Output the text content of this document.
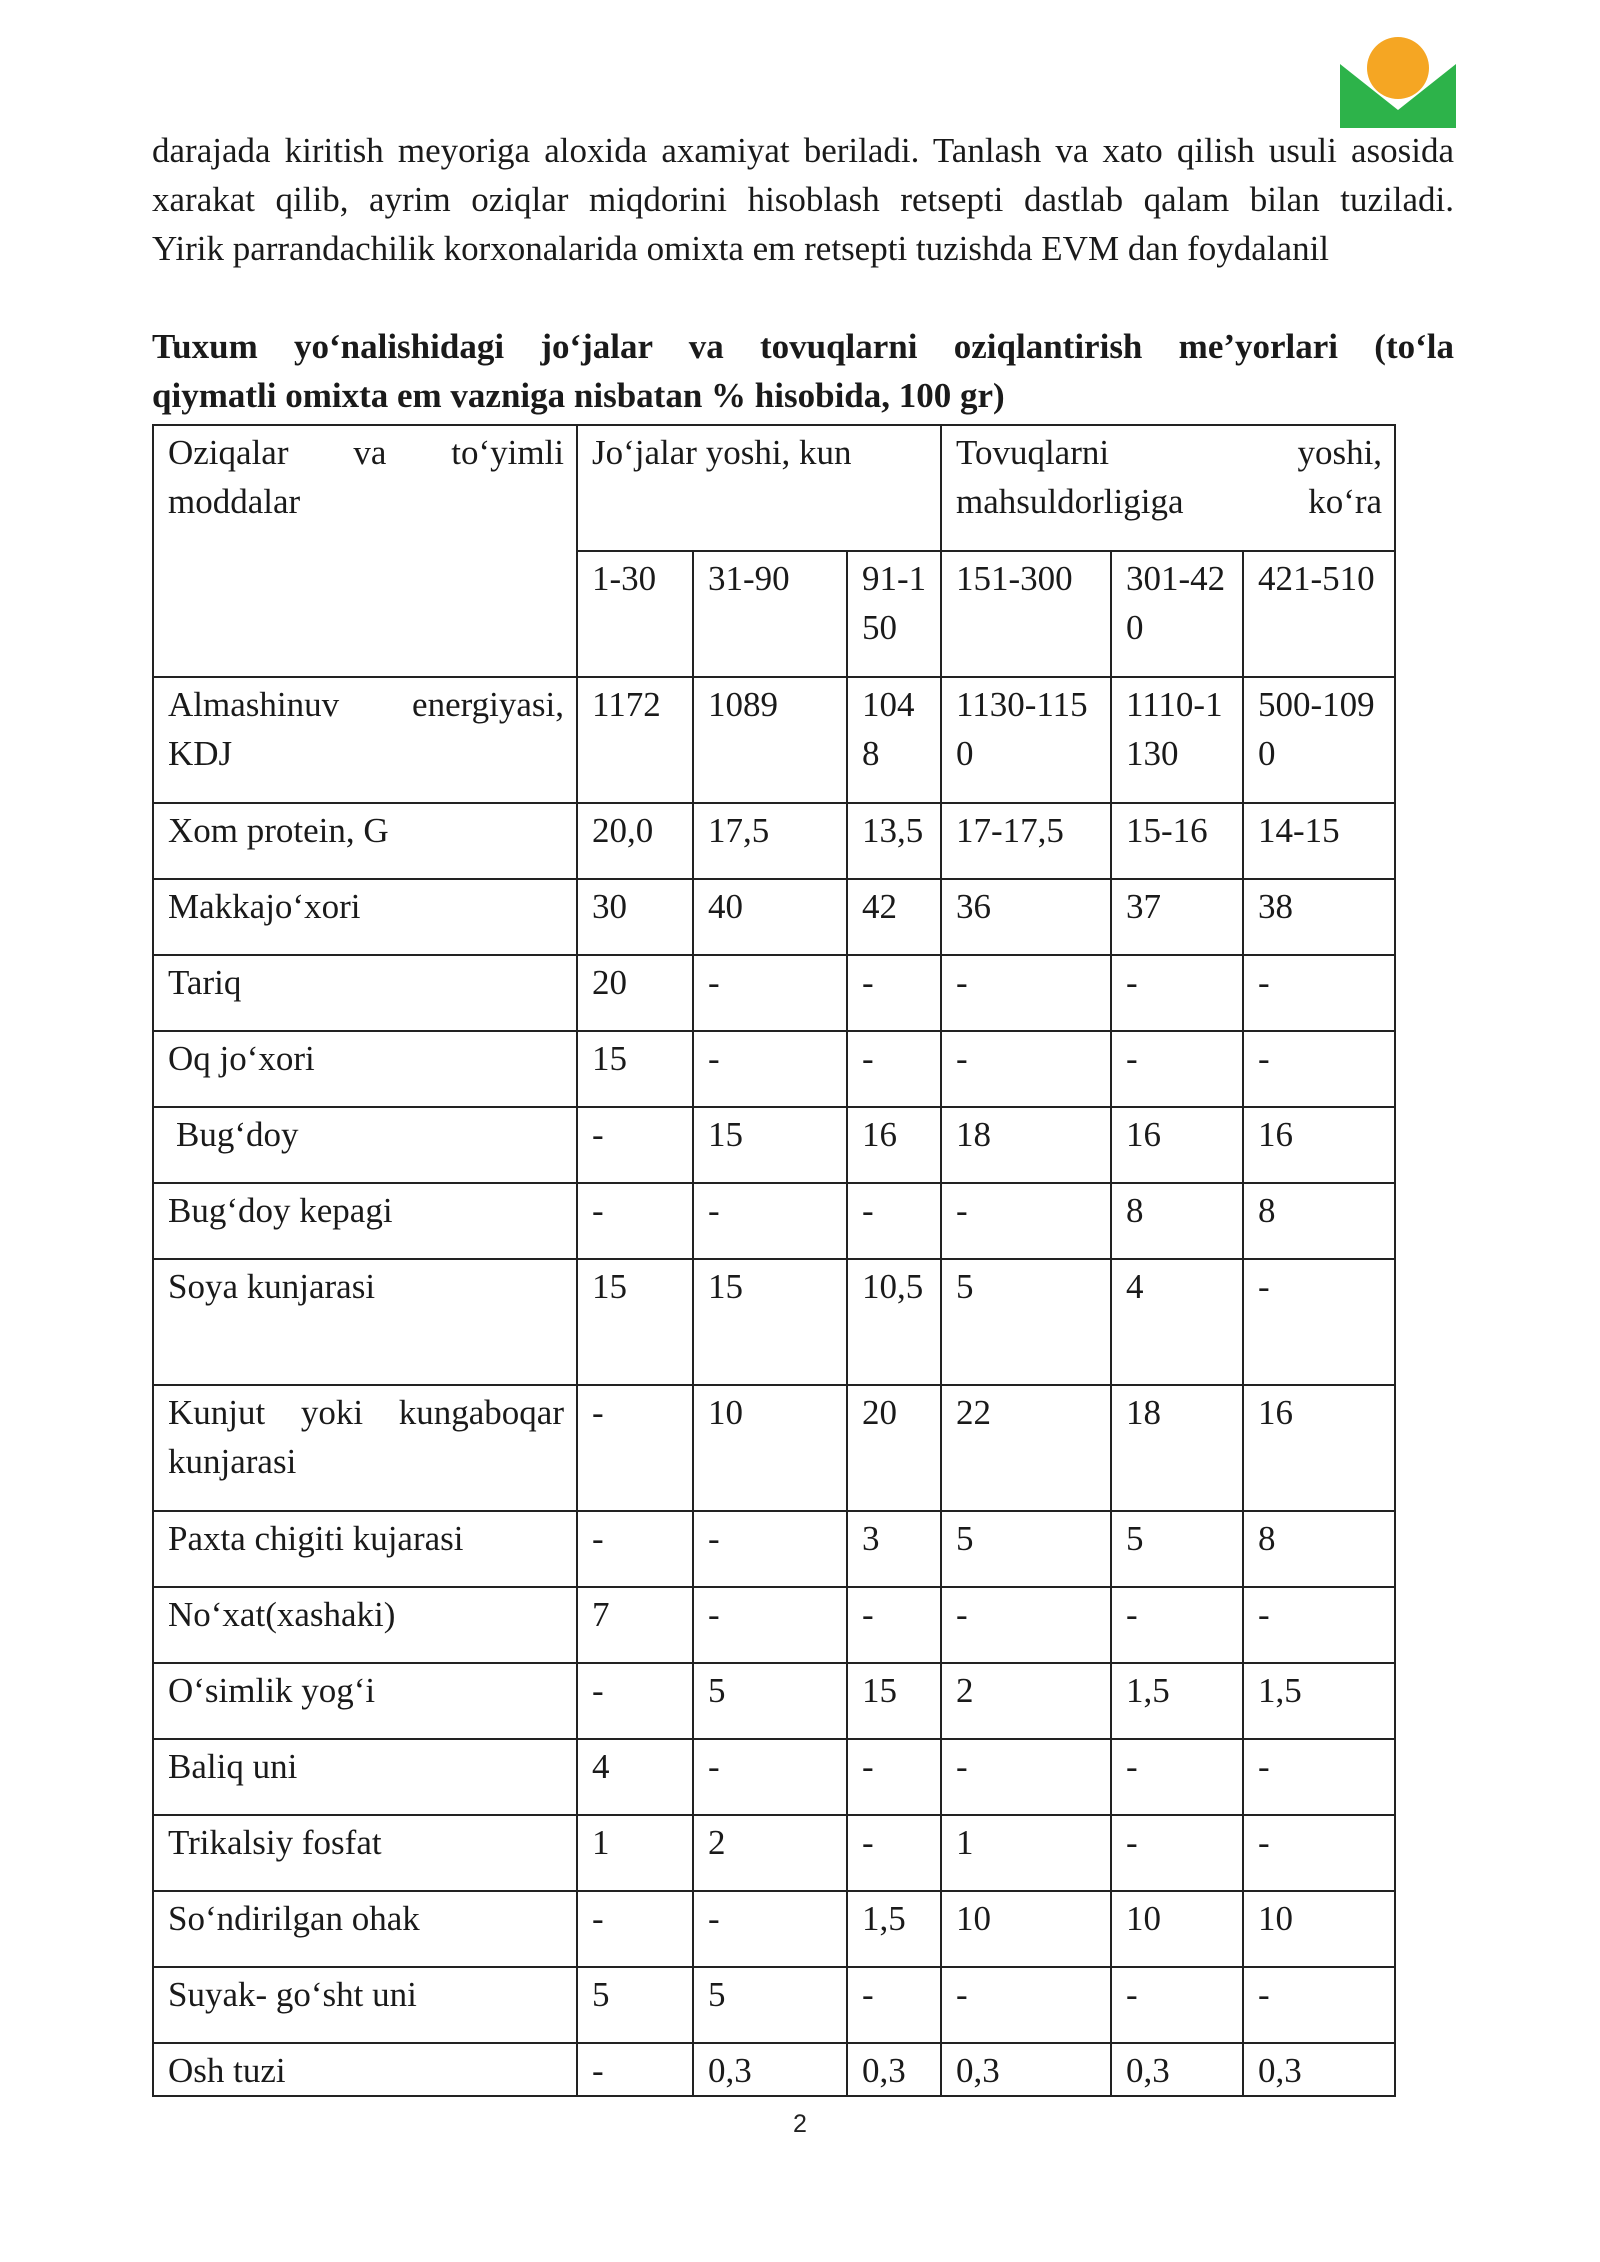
darajada kiritish meyoriga aloxida axamiyat beriladi. Tanlash va xato qilish usuli asosida
xarakat qilib, ayrim oziqlar miqdorini hisoblash retsepti dastlab qalam bilan tuziladi.
Yirik parrandachilik korxonalarida omixta em retsepti tuzishda EVM dan foydalanil
Tuxum yo‘nalishidagi jo‘jalar va tovuqlarni oziqlantirish me’yorlari (to‘la
qiymatli omixta em vazniga nisbatan % hisobida, 100 gr)
Oziqalar va to‘yimli moddalar	Jo‘jalar yoshi, kun			Tovuqlarni yoshi, mahsuldorligiga ko‘ra		

	1-30	31-90	91-150	151-300	301-420	421-510
Almashinuv energiyasi, KDJ	1172	1089	1048	1130-1150	1110-1130	500-1090
Xom protein, G	20,0	17,5	13,5	17-17,5	15-16	14-15
Makkajo‘xori	30	40	42	36	37	38
Tariq	20	-	-	-	-	-
Oq jo‘xori	15	-	-	-	-	-
Bug‘doy	-	15	16	18	16	16
Bug‘doy kepagi	-	-	-	-	8	8
Soya kunjarasi	15	15	10,5	5	4	-
Kunjut yoki kungaboqar kunjarasi	-	10	20	22	18	16
Paxta chigiti kujarasi	-	-	3	5	5	8
No‘xat(xashaki)	7	-	-	-	-	-
O‘simlik yog‘i	-	5	15	2	1,5	1,5
Baliq uni	4	-	-	-	-	-
Trikalsiy fosfat	1	2	-	1	-	-
So‘ndirilgan ohak	-	-	1,5	10	10	10
Suyak- go‘sht uni	5	5	-	-	-	-
Osh tuzi	-	0,3	0,3	0,3	0,3	0,3
2
